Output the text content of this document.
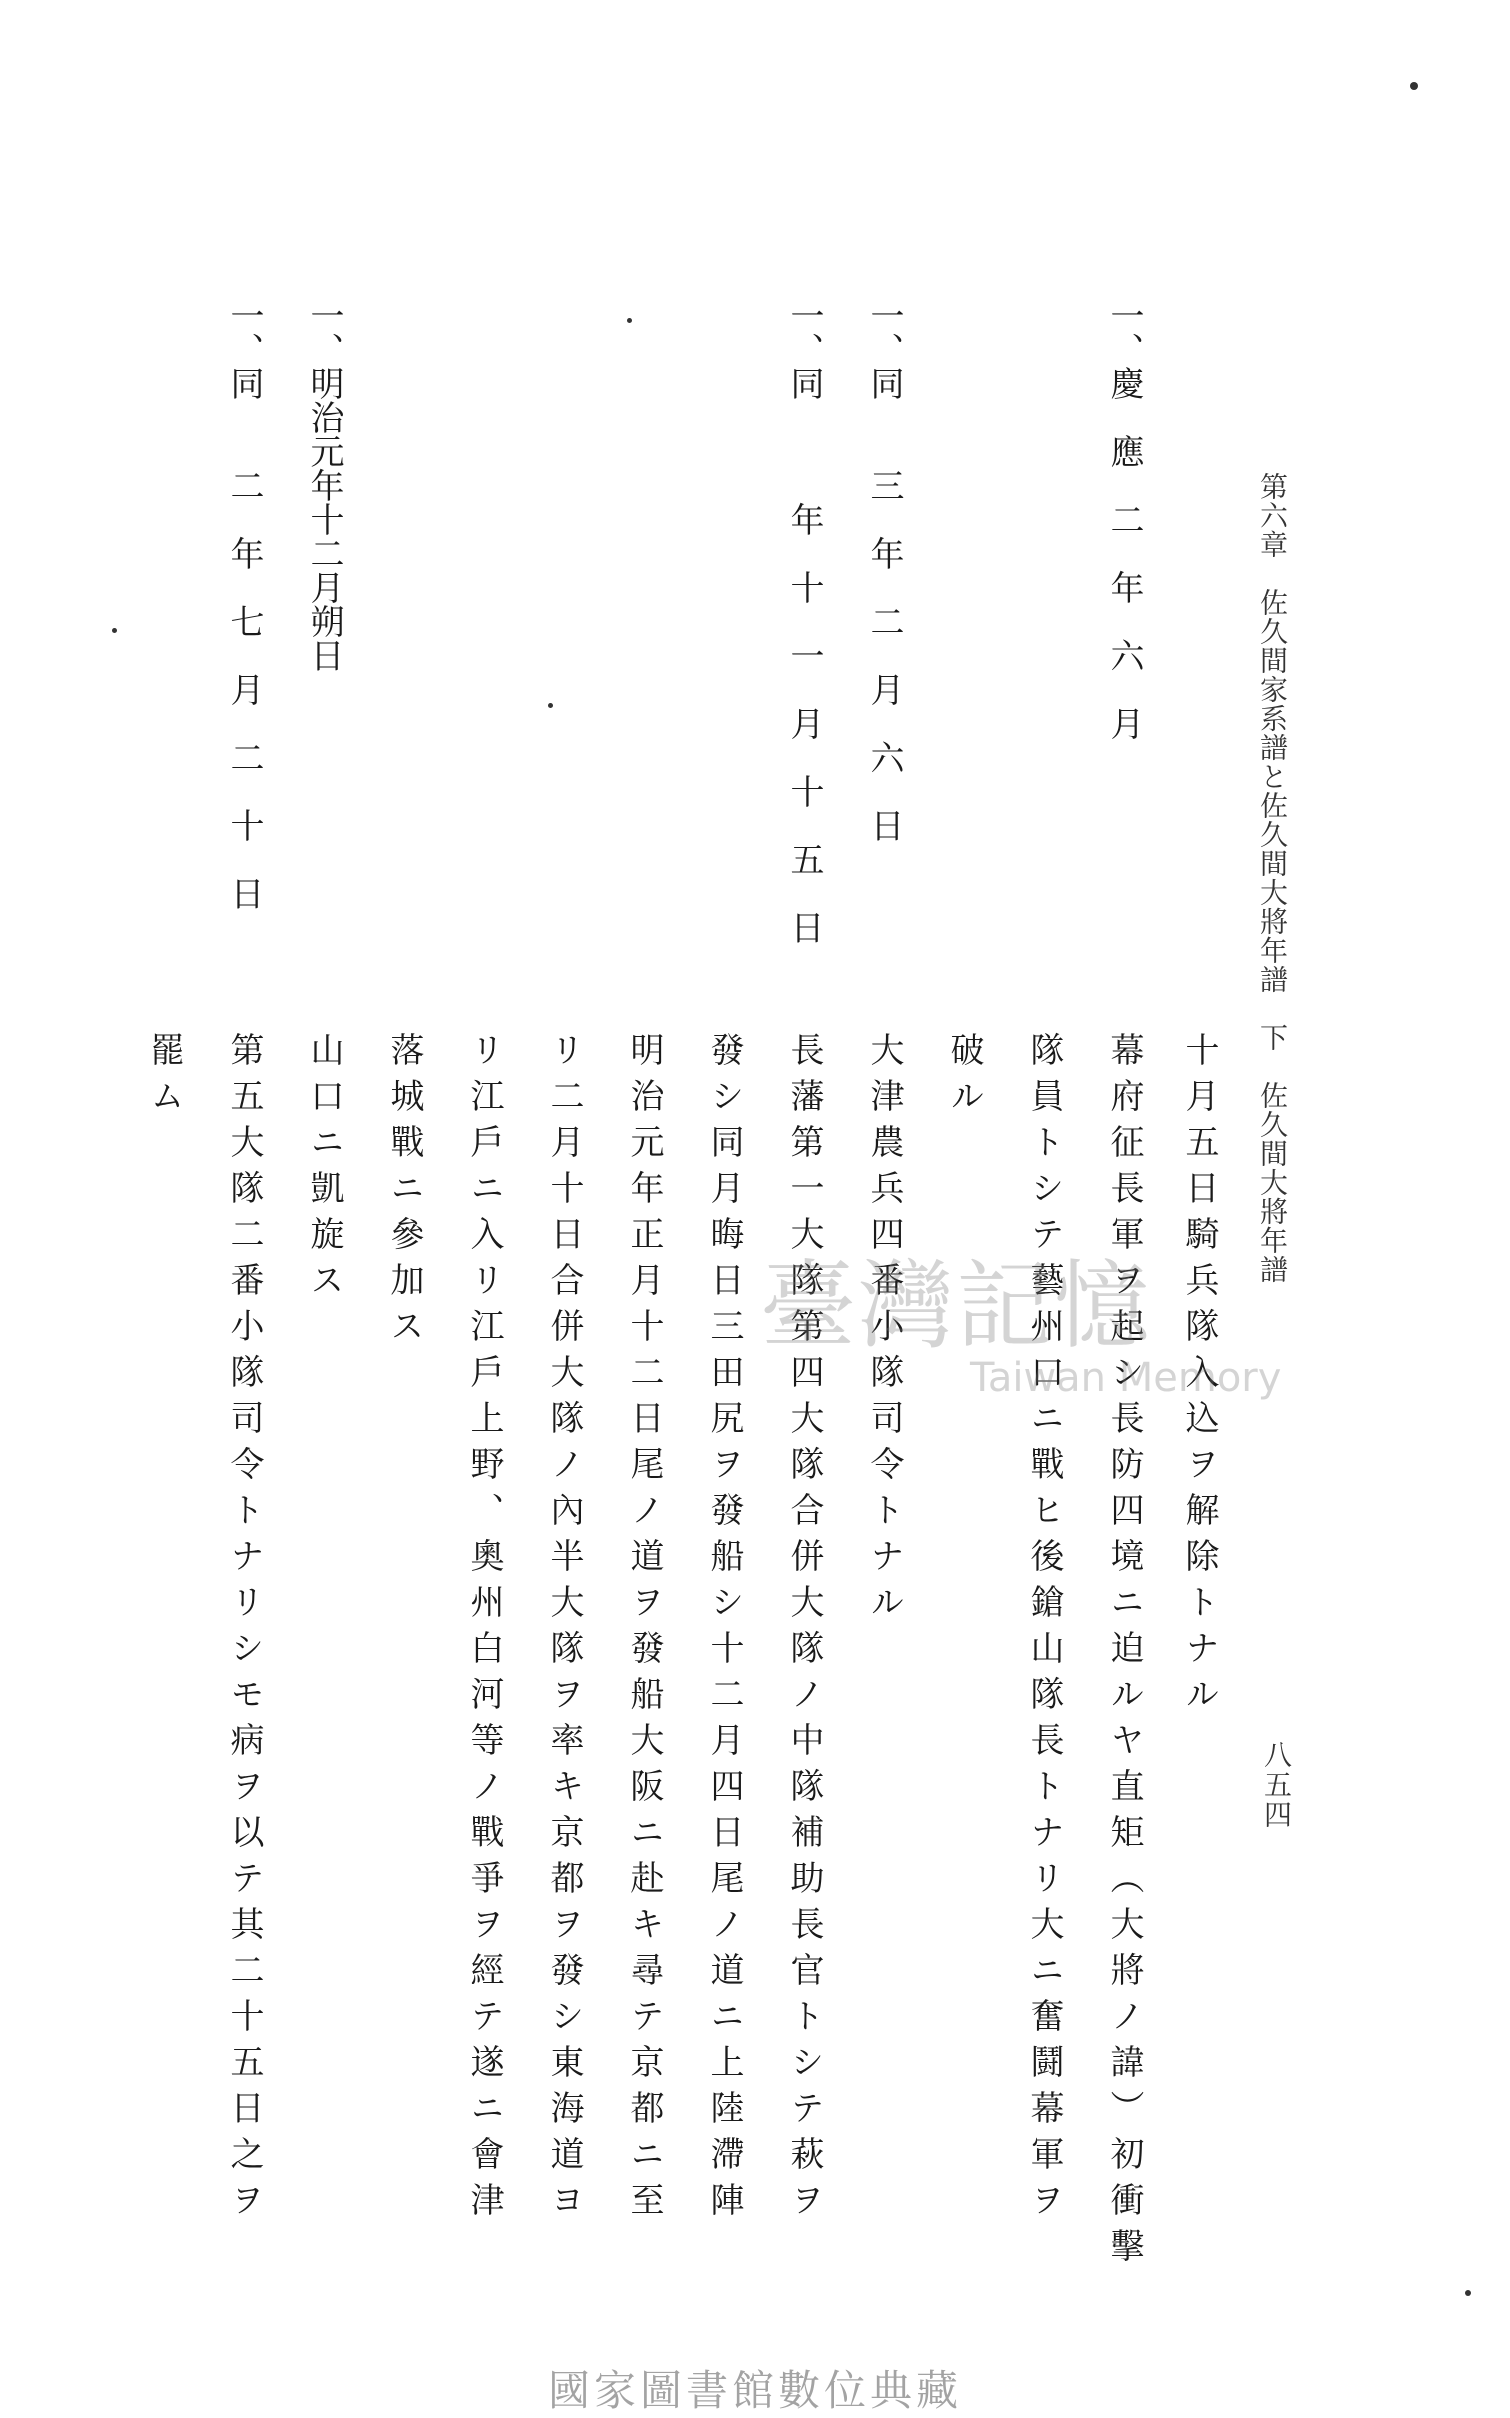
第六章　佐久間家系譜と佐久間大將年譜　下　佐久間大將年譜
八五四
一、慶　應　二　年　六　月
十月五日騎兵隊入込ヲ解除トナル
幕府征長軍ヲ起シ長防四境ニ迫ルヤ直矩（大將ノ諱）初衝擊
隊員トシテ藝州口ニ戰ヒ後鎗山隊長トナリ大ニ奮鬪幕軍ヲ
破ル
一、同　　三　年　二　月　六　日
大津農兵四番小隊司令トナル
一、同　　　年　十　一　月　十　五　日
長藩第一大隊第四大隊合併大隊ノ中隊補助長官トシテ萩ヲ
發シ同月晦日三田尻ヲ發船シ十二月四日尾ノ道ニ上陸滯陣
明治元年正月十二日尾ノ道ヲ發船大阪ニ赴キ尋テ京都ニ至
リ二月十日合併大隊ノ內半大隊ヲ率キ京都ヲ發シ東海道ヨ
リ江戶ニ入リ江戶上野、奧州白河等ノ戰爭ヲ經テ遂ニ會津
落城戰ニ參加ス
一、明治元年十二月朔日
山口ニ凱旋ス
一、同　　二　年　七　月　二　十　日
第五大隊二番小隊司令トナリシモ病ヲ以テ其二十五日之ヲ
罷ム
臺灣記憶
Taiwan Memory
國家圖書館數位典藏
